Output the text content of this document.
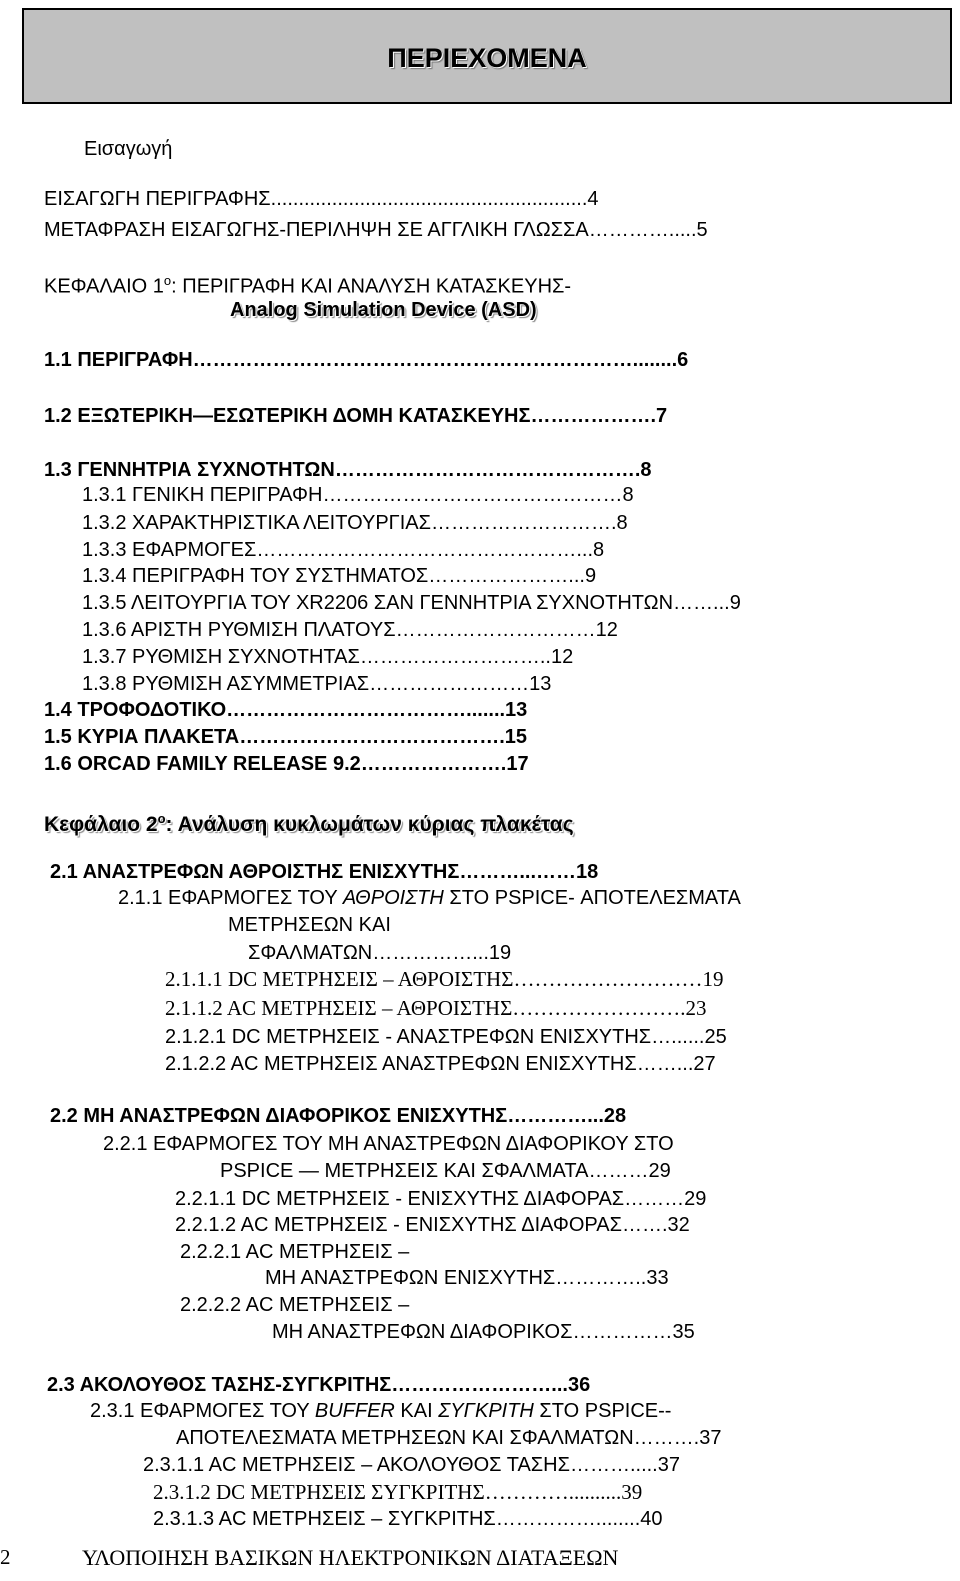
ΠΕΡΙΕΧΟΜΕΝΑ
Εισαγωγή
ΕΙΣΑΓΩΓΗ ΠΕΡΙΓΡΑΦΗΣ.........................................................4
ΜΕΤΑΦΡΑΣΗ ΕΙΣΑΓΩΓΗΣ-ΠΕΡΙΛΗΨΗ ΣΕ ΑΓΓΛΙΚΗ ΓΛΩΣΣΑ………….....5
ΚΕΦΑΛΑΙΟ $1^o$: ΠΕΡΙΓΡΑΦΗ ΚΑΙ ΑΝΑΛΥΣΗ ΚΑΤΑΣΚΕΥΗΣ-
Analog Simulation Device (ASD)
1.1 ΠΕΡΙΓΡΑΦΗ…………………………………………………………........6
1.2 ΕΞΩΤΕΡΙΚΗ—ΕΣΩΤΕΡΙΚΗ ΔΟΜΗ ΚΑΤΑΣΚΕΥΗΣ……………….7
1.3 ΓΕΝΝΗΤΡΙΑ ΣΥΧΝΟΤΗΤΩΝ……………………………………….8
1.3.1 ΓΕΝΙΚΗ ΠΕΡΙΓΡΑΦΗ………………………………………8
1.3.2 ΧΑΡΑΚΤΗΡΙΣΤΙΚΑ ΛΕΙΤΟΥΡΓΙΑΣ……………………….8
1.3.3 ΕΦΑΡΜΟΓΕΣ…………………………………………...8
1.3.4 ΠΕΡΙΓΡΑΦΗ ΤΟΥ ΣΥΣΤΗΜΑΤΟΣ…………………...9
1.3.5 ΛΕΙΤΟΥΡΓΙΑ ΤΟΥ XR2206 ΣΑΝ ΓΕΝΝΗΤΡΙΑ ΣΥΧΝΟΤΗΤΩΝ……...9
1.3.6 ΑΡΙΣΤΗ ΡΥΘΜΙΣΗ ΠΛΑΤΟΥΣ…………………………12
1.3.7 ΡΥΘΜΙΣΗ ΣΥΧΝΟΤΗΤΑΣ………………………..12
1.3.8 ΡΥΘΜΙΣΗ ΑΣΥΜΜΕΤΡΙΑΣ……………………13
1.4 ΤΡΟΦΟΔΟΤΙΚΟ……………………………….......13
1.5 ΚΥΡΙΑ ΠΛΑΚΕΤΑ………………………………….15
1.6 ORCAD FAMILY RELEASE 9.2………………….17
Κεφάλαιο $2^o$: Ανάλυση κυκλωμάτων κύριας πλακέτας
2.1 ΑΝΑΣΤΡΕΦΩΝ ΑΘΡΟΙΣΤΗΣ ΕΝΙΣΧΥΤΗΣ………...……18
2.1.1 ΕΦΑΡΜΟΓΕΣ ΤΟΥ ΑΘΡΟΙΣΤΗ ΣΤΟ PSPICE- ΑΠΟΤΕΛΕΣΜΑΤΑ
ΜΕΤΡΗΣΕΩΝ ΚΑΙ
ΣΦΑΛΜΑΤΩΝ……………...19
2.1.1.1 DC ΜΕΤΡΗΣΕΙΣ – ΑΘΡΟΙΣΤΗΣ………………………19
2.1.1.2 AC ΜΕΤΡΗΣΕΙΣ – ΑΘΡΟΙΣΤΗΣ…………………….23
2.1.2.1 DC ΜΕΤΡΗΣΕΙΣ - ΑΝΑΣΤΡΕΦΩΝ ΕΝΙΣΧΥΤΗΣ…......25
2.1.2.2 AC ΜΕΤΡΗΣΕΙΣ ΑΝΑΣΤΡΕΦΩΝ ΕΝΙΣΧΥΤΗΣ……...27
2.2 ΜΗ ΑΝΑΣΤΡΕΦΩΝ ΔΙΑΦΟΡΙΚΟΣ ΕΝΙΣΧΥΤΗΣ…………...28
2.2.1 ΕΦΑΡΜΟΓΕΣ ΤΟΥ ΜΗ ΑΝΑΣΤΡΕΦΩΝ ΔΙΑΦΟΡΙΚΟΥ ΣΤΟ
PSPICE — ΜΕΤΡΗΣΕΙΣ ΚΑΙ ΣΦΑΛΜΑΤΑ………29
2.2.1.1 DC ΜΕΤΡΗΣΕΙΣ - ΕΝΙΣΧΥΤΗΣ ΔΙΑΦΟΡΑΣ………29
2.2.1.2 AC ΜΕΤΡΗΣΕΙΣ - ΕΝΙΣΧΥΤΗΣ ΔΙΑΦΟΡΑΣ…….32
2.2.2.1 AC ΜΕΤΡΗΣΕΙΣ –
ΜΗ ΑΝΑΣΤΡΕΦΩΝ ΕΝΙΣΧΥΤΗΣ…………..33
2.2.2.2 AC ΜΕΤΡΗΣΕΙΣ –
ΜΗ ΑΝΑΣΤΡΕΦΩΝ ΔΙΑΦΟΡΙΚΟΣ……………35
2.3 ΑΚΟΛΟΥΘΟΣ ΤΑΣΗΣ-ΣΥΓΚΡΙΤΗΣ……………………...36
2.3.1 ΕΦΑΡΜΟΓΕΣ ΤΟΥ BUFFER ΚΑΙ ΣΥΓΚΡΙΤΗ ΣΤΟ PSPICE--
ΑΠΟΤΕΛΕΣΜΑΤΑ ΜΕΤΡΗΣΕΩΝ ΚΑΙ ΣΦΑΛΜΑΤΩΝ……….37
2.3.1.1 AC ΜΕΤΡΗΣΕΙΣ – ΑΚΟΛΟΥΘΟΣ ΤΑΣΗΣ……….....37
2.3.1.2 DC ΜΕΤΡΗΣΕΙΣ ΣΥΓΚΡΙΤΗΣ…………..........39
2.3.1.3 AC ΜΕΤΡΗΣΕΙΣ – ΣΥΓΚΡΙΤΗΣ……………........40
2	ΥΛΟΠΟΙΗΣΗ ΒΑΣΙΚΩΝ ΗΛΕΚΤΡΟΝΙΚΩΝ ΔΙΑΤΑΞΕΩΝ
